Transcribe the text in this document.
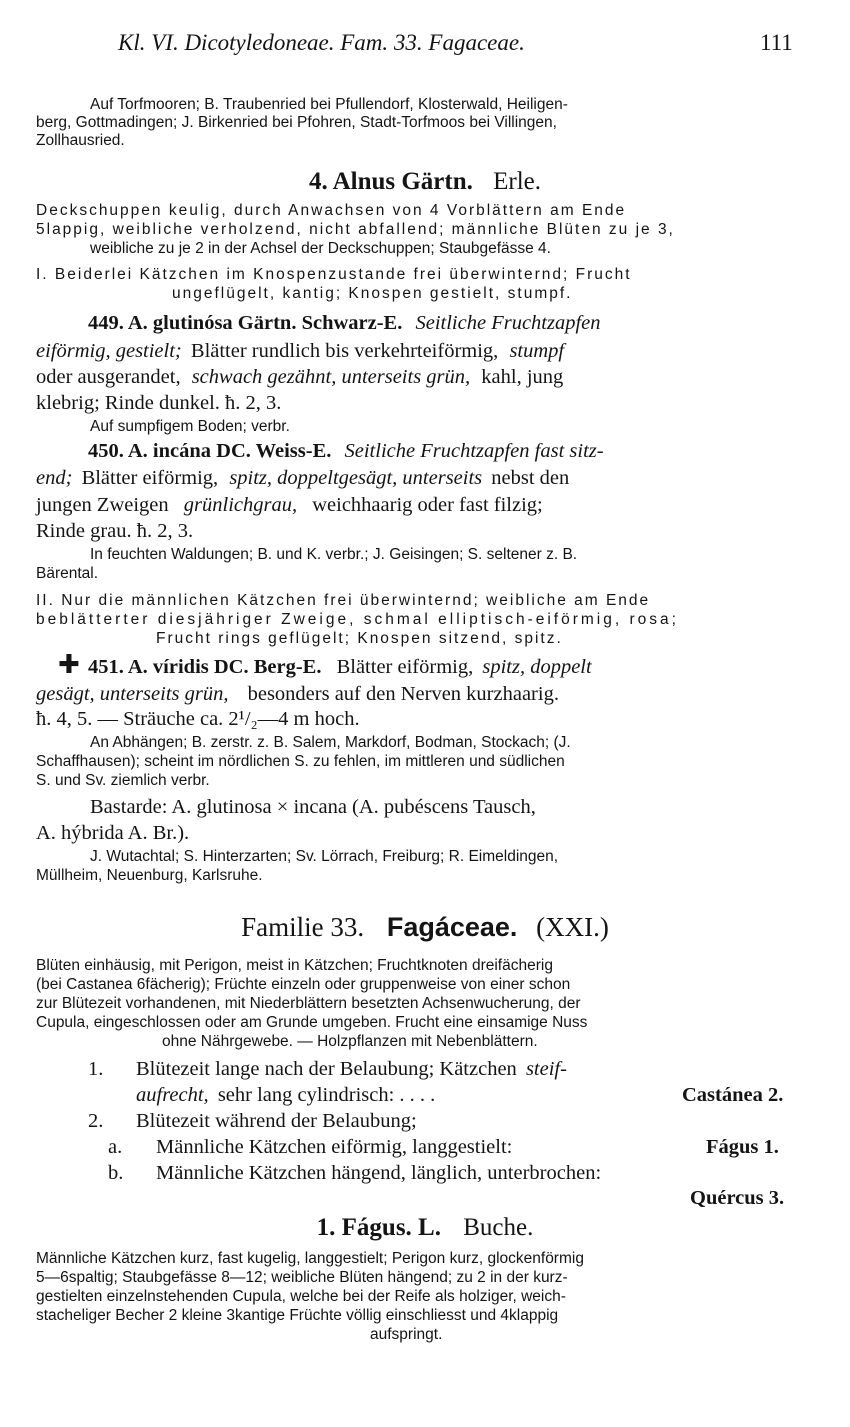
Kl. VI. Dicotyledoneae. Fam. 33. Fagaceae.	111
Auf Torfmooren; B. Traubenried bei Pfullendorf, Klosterwald, Heiligen-
berg, Gottmadingen; J. Birkenried bei Pfohren, Stadt-Torfmoos bei Villingen,
Zollhausried.
4. Alnus Gärtn. Erle.
Deckschuppen keulig, durch Anwachsen von 4 Vorblättern am Ende
5lappig, weibliche verholzend, nicht abfallend; männliche Blüten zu je 3,
weibliche zu je 2 in der Achsel der Deckschuppen; Staubgefässe 4.
I. Beiderlei Kätzchen im Knospenzustande frei überwinternd; Frucht
ungeflügelt, kantig; Knospen gestielt, stumpf.
449. A. glutinósa Gärtn. Schwarz-E. Seitliche Fruchtzapfen
eiförmig, gestielt; Blätter rundlich bis verkehrteiförmig, stumpf
oder ausgerandet, schwach gezähnt, unterseits grün, kahl, jung
klebrig; Rinde dunkel. ħ. 2, 3.
Auf sumpfigem Boden; verbr.
450. A. incána DC. Weiss-E. Seitliche Fruchtzapfen fast sitz-
end; Blätter eiförmig, spitz, doppeltgesägt, unterseits nebst den
jungen Zweigen grünlichgrau, weichhaarig oder fast filzig;
Rinde grau. ħ. 2, 3.
In feuchten Waldungen; B. und K. verbr.; J. Geisingen; S. seltener z. B.
Bärental.
II. Nur die männlichen Kätzchen frei überwinternd; weibliche am Ende
beblätterter diesjähriger Zweige, schmal elliptisch-eiförmig, rosa;
Frucht rings geflügelt; Knospen sitzend, spitz.
✚ 451. A. víridis DC. Berg-E. Blätter eiförmig, spitz, doppelt
gesägt, unterseits grün, besonders auf den Nerven kurzhaarig.
ħ. 4, 5. — Sträuche ca. 2¹/₂—4 m hoch.
An Abhängen; B. zerstr. z. B. Salem, Markdorf, Bodman, Stockach; (J.
Schaffhausen); scheint im nördlichen S. zu fehlen, im mittleren und südlichen
S. und Sv. ziemlich verbr.
Bastarde: A. glutinosa × incana (A. pubéscens Tausch,
A. hýbrida A. Br.).
J. Wutachtal; S. Hinterzarten; Sv. Lörrach, Freiburg; R. Eimeldingen,
Müllheim, Neuenburg, Karlsruhe.
Familie 33. Fagáceae. (XXI.)
Blüten einhäusig, mit Perigon, meist in Kätzchen; Fruchtknoten dreifächerig
(bei Castanea 6fächerig); Früchte einzeln oder gruppenweise von einer schon
zur Blütezeit vorhandenen, mit Niederblättern besetzten Achsenwucherung, der
Cupula, eingeschlossen oder am Grunde umgeben. Frucht eine einsamige Nuss
ohne Nährgewebe. — Holzpflanzen mit Nebenblättern.
1. Blütezeit lange nach der Belaubung; Kätzchen steif-
aufrecht, sehr lang cylindrisch: . . . .	Castánea 2.
2. Blütezeit während der Belaubung;
a. Männliche Kätzchen eiförmig, langgestielt:	Fágus 1.
b. Männliche Kätzchen hängend, länglich, unterbrochen:
Quércus 3.
1. Fágus. L. Buche.
Männliche Kätzchen kurz, fast kugelig, langgestielt; Perigon kurz, glockenförmig
5—6spaltig; Staubgefässe 8—12; weibliche Blüten hängend; zu 2 in der kurz-
gestielten einzelnstehenden Cupula, welche bei der Reife als holziger, weich-
stacheliger Becher 2 kleine 3kantige Früchte völlig einschliesst und 4klappig
aufspringt.
